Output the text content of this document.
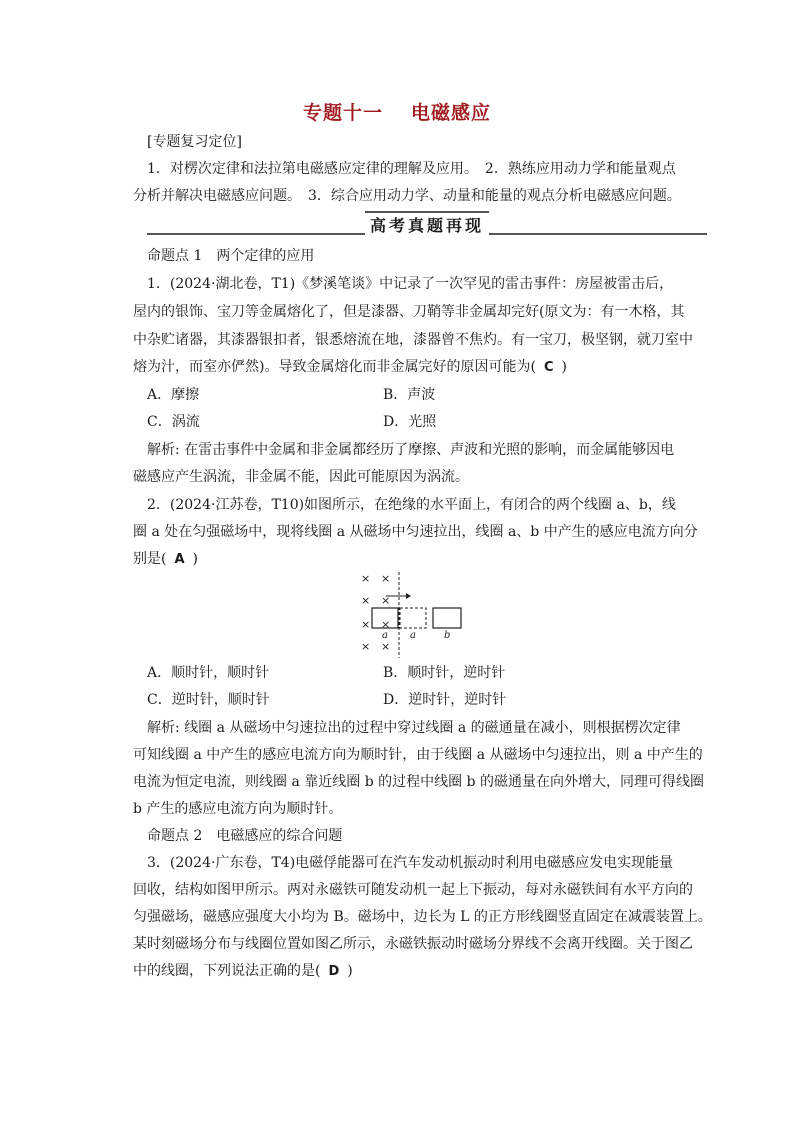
专题十一 电磁感应
[专题复习定位]
1．对楞次定律和法拉第电磁感应定律的理解及应用。　2．熟练应用动力学和能量观点
分析并解决电磁感应问题。　3．综合应用动力学、动量和能量的观点分析电磁感应问题。
高考真题再现
命题点 1　两个定律的应用
1．(2024·湖北卷，T1)《梦溪笔谈》中记录了一次罕见的雷击事件：房屋被雷击后，
屋内的银饰、宝刀等金属熔化了，但是漆器、刀鞘等非金属却完好(原文为：有一木格，其
中杂贮诸器，其漆器银扣者，银悉熔流在地，漆器曾不焦灼。有一宝刀，极坚钢，就刀室中
熔为汁，而室亦俨然)。导致金属熔化而非金属完好的原因可能为( C )
A．摩擦	B．声波
C．涡流	D．光照
解析: 在雷击事件中金属和非金属都经历了摩擦、声波和光照的影响，而金属能够因电
磁感应产生涡流，非金属不能，因此可能原因为涡流。
2．(2024·江苏卷，T10)如图所示，在绝缘的水平面上，有闭合的两个线圈 a、b，线
圈 a 处在匀强磁场中，现将线圈 a 从磁场中匀速拉出，线圈 a、b 中产生的感应电流方向分
别是( A )
× ×
× ×
× ×
× ×
a a	b
A．顺时针，顺时针	B．顺时针，逆时针
C．逆时针，顺时针	D．逆时针，逆时针
解析: 线圈 a 从磁场中匀速拉出的过程中穿过线圈 a 的磁通量在减小，则根据楞次定律
可知线圈 a 中产生的感应电流方向为顺时针，由于线圈 a 从磁场中匀速拉出，则 a 中产生的
电流为恒定电流，则线圈 a 靠近线圈 b 的过程中线圈 b 的磁通量在向外增大，同理可得线圈
b 产生的感应电流方向为顺时针。
命题点 2　电磁感应的综合问题
3．(2024·广东卷，T4)电磁俘能器可在汽车发动机振动时利用电磁感应发电实现能量
回收，结构如图甲所示。两对永磁铁可随发动机一起上下振动，每对永磁铁间有水平方向的
匀强磁场，磁感应强度大小均为 B。磁场中，边长为 L 的正方形线圈竖直固定在减震装置上。
某时刻磁场分布与线圈位置如图乙所示，永磁铁振动时磁场分界线不会离开线圈。关于图乙
中的线圈，下列说法正确的是( D )
